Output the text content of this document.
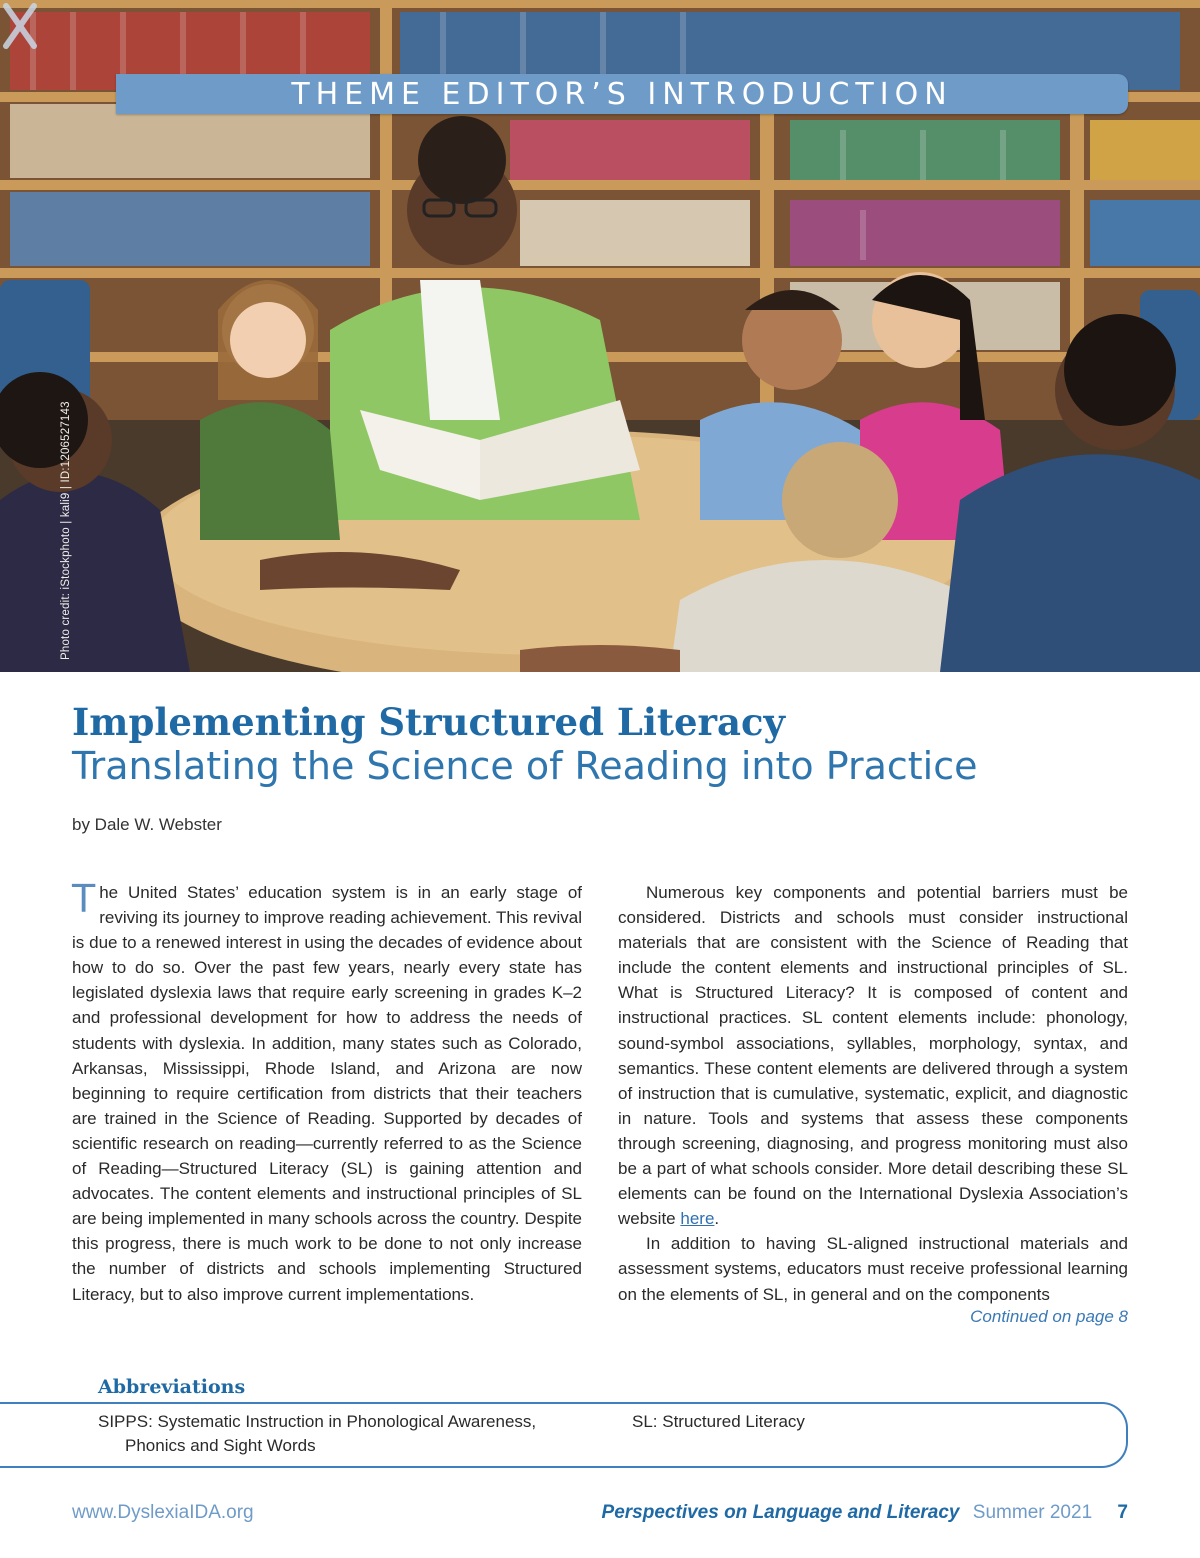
THEME EDITOR’S INTRODUCTION
Photo credit: iStockphoto | kali9 | ID:1206527143
Implementing Structured Literacy
Translating the Science of Reading into Practice
by Dale W. Webster

The United States’ education system is in an early stage of reviving its journey to improve reading achievement. This revival is due to a renewed interest in using the decades of evidence about how to do so. Over the past few years, nearly every state has legislated dyslexia laws that require early screening in grades K–2 and professional development for how to address the needs of students with dyslexia. In addition, many states such as Colorado, Arkansas, Mississippi, Rhode Island, and Arizona are now beginning to require certification from districts that their teachers are trained in the Science of Reading. Supported by decades of scientific research on reading—currently referred to as the Science of Reading—Structured Literacy (SL) is gaining attention and advocates. The content elements and instructional principles of SL are being implemented in many schools across the country. Despite this progress, there is much work to be done to not only increase the number of districts and schools implementing Structured Literacy, but to also improve current implementations.

Numerous key components and potential barriers must be considered. Districts and schools must consider instructional materials that are consistent with the Science of Reading that include the content elements and instructional principles of SL. What is Structured Literacy? It is composed of content and instructional practices. SL content elements include: phonology, sound-symbol associations, syllables, morphology, syntax, and semantics. These content elements are delivered through a system of instruction that is cumulative, systematic, explicit, and diagnostic in nature. Tools and systems that assess these components through screening, diagnosing, and progress monitoring must also be a part of what schools consider. More detail describing these SL elements can be found on the International Dyslexia Association’s website here.

In addition to having SL-aligned instructional materials and assessment systems, educators must receive professional learning on the elements of SL, in general and on the components

Continued on page 8
Abbreviations
SIPPS: Systematic Instruction in Phonological Awareness,
Phonics and Sight Words
SL: Structured Literacy
www.DyslexiaIDA.org	Perspectives on Language and Literacy Summer 2021 7
